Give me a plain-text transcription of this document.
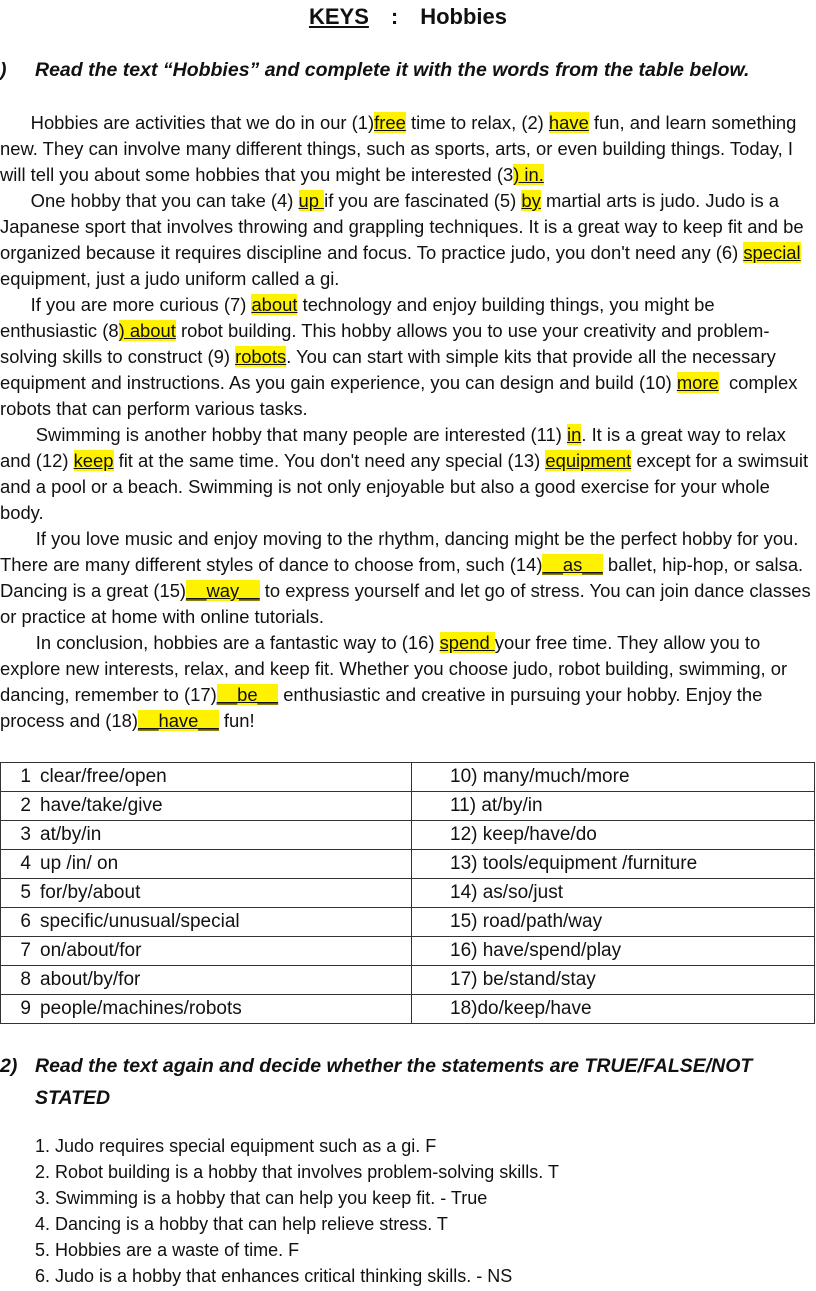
KEYS : Hobbies
) Read the text “Hobbies” and complete it with the words from the table below.

Hobbies are activities that we do in our (1)free time to relax, (2) have fun, and learn something new. They can involve many different things, such as sports, arts, or even building things. Today, I will tell you about some hobbies that you might be interested (3) in.

One hobby that you can take (4) up if you are fascinated (5) by martial arts is judo. Judo is a Japanese sport that involves throwing and grappling techniques. It is a great way to keep fit and be organized because it requires discipline and focus. To practice judo, you don't need any (6) special equipment, just a judo uniform called a gi.

If you are more curious (7) about technology and enjoy building things, you might be enthusiastic (8) about robot building. This hobby allows you to use your creativity and problem-solving skills to construct (9) robots. You can start with simple kits that provide all the necessary equipment and instructions. As you gain experience, you can design and build (10) more  complex robots that can perform various tasks.

Swimming is another hobby that many people are interested (11) in. It is a great way to relax and (12) keep fit at the same time. You don't need any special (13) equipment except for a swimsuit and a pool or a beach. Swimming is not only enjoyable but also a good exercise for your whole body.

If you love music and enjoy moving to the rhythm, dancing might be the perfect hobby for you. There are many different styles of dance to choose from, such (14)__as__ ballet, hip-hop, or salsa. Dancing is a great (15)__way__ to express yourself and let go of stress. You can join dance classes or practice at home with online tutorials.

In conclusion, hobbies are a fantastic way to (16) spend your free time. They allow you to explore new interests, relax, and keep fit. Whether you choose judo, robot building, swimming, or dancing, remember to (17)__be__ enthusiastic and creative in pursuing your hobby. Enjoy the process and (18)__have__ fun!

1 clear/free/open	10) many/much/more
2 have/take/give	11) at/by/in
3 at/by/in	12) keep/have/do
4 up /in/ on	13) tools/equipment /furniture
5 for/by/about	14) as/so/just
6 specific/unusual/special	15) road/path/way
7 on/about/for	16) have/spend/play
8 about/by/for	17) be/stand/stay
9 people/machines/robots	18)do/keep/have
2) Read the text again and decide whether the statements are TRUE/FALSE/NOT
STATED
1. Judo requires special equipment such as a gi. F
2. Robot building is a hobby that involves problem-solving skills. T
3. Swimming is a hobby that can help you keep fit. - True
4. Dancing is a hobby that can help relieve stress. T
5. Hobbies are a waste of time. F
6. Judo is a hobby that enhances critical thinking skills. - NS
